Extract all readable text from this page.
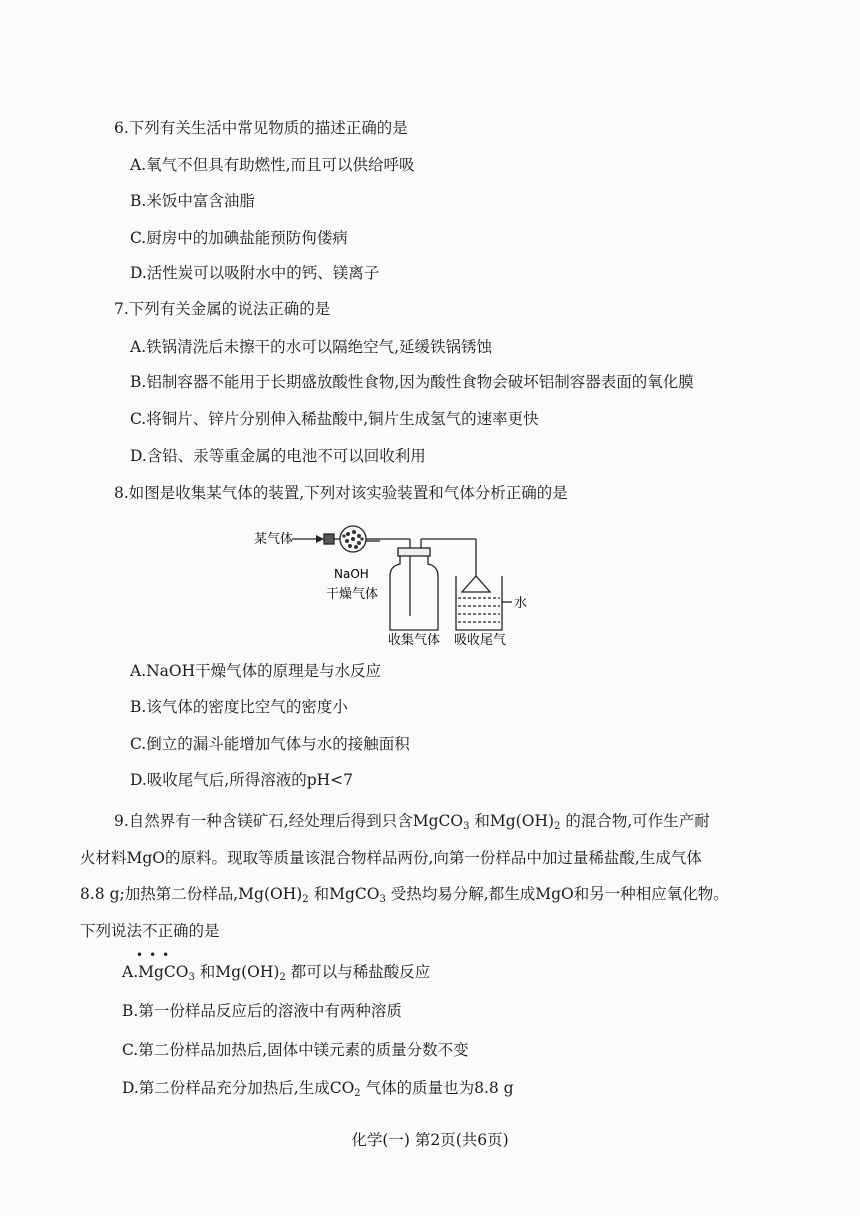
6.下列有关生活中常见物质的描述正确的是
A.氧气不但具有助燃性,而且可以供给呼吸
B.米饭中富含油脂
C.厨房中的加碘盐能预防佝偻病
D.活性炭可以吸附水中的钙、镁离子
7.下列有关金属的说法正确的是
A.铁锅清洗后未擦干的水可以隔绝空气,延缓铁锅锈蚀
B.铝制容器不能用于长期盛放酸性食物,因为酸性食物会破坏铝制容器表面的氧化膜
C.将铜片、锌片分别伸入稀盐酸中,铜片生成氢气的速率更快
D.含铅、汞等重金属的电池不可以回收利用
8.如图是收集某气体的装置,下列对该实验装置和气体分析正确的是
某气体
NaOH
干燥气体
水
收集气体 吸收尾气
A.NaOH干燥气体的原理是与水反应
B.该气体的密度比空气的密度小
C.倒立的漏斗能增加气体与水的接触面积
D.吸收尾气后,所得溶液的pH<7
9.自然界有一种含镁矿石,经处理后得到只含MgCO$_3$ 和$Mg(OH)_2$ 的混合物,可作生产耐
火材料MgO的原料。现取等质量该混合物样品两份,向第一份样品中加过量稀盐酸,生成气体
8.8 g;加热第二份样品$,Mg(OH)_2$ 和MgCO$_3$ 受热均易分解,都生成MgO和另一种相应氧化物。
下列说法不正确的是
•••
A.MgCO$_3$ 和$Mg(OH)_2$ 都可以与稀盐酸反应
B.第一份样品反应后的溶液中有两种溶质
C.第二份样品加热后,固体中镁元素的质量分数不变
D.第二份样品充分加热后,生成$CO_2$ 气体的质量也为8.8 g
化学(一) 第2页(共6页)
